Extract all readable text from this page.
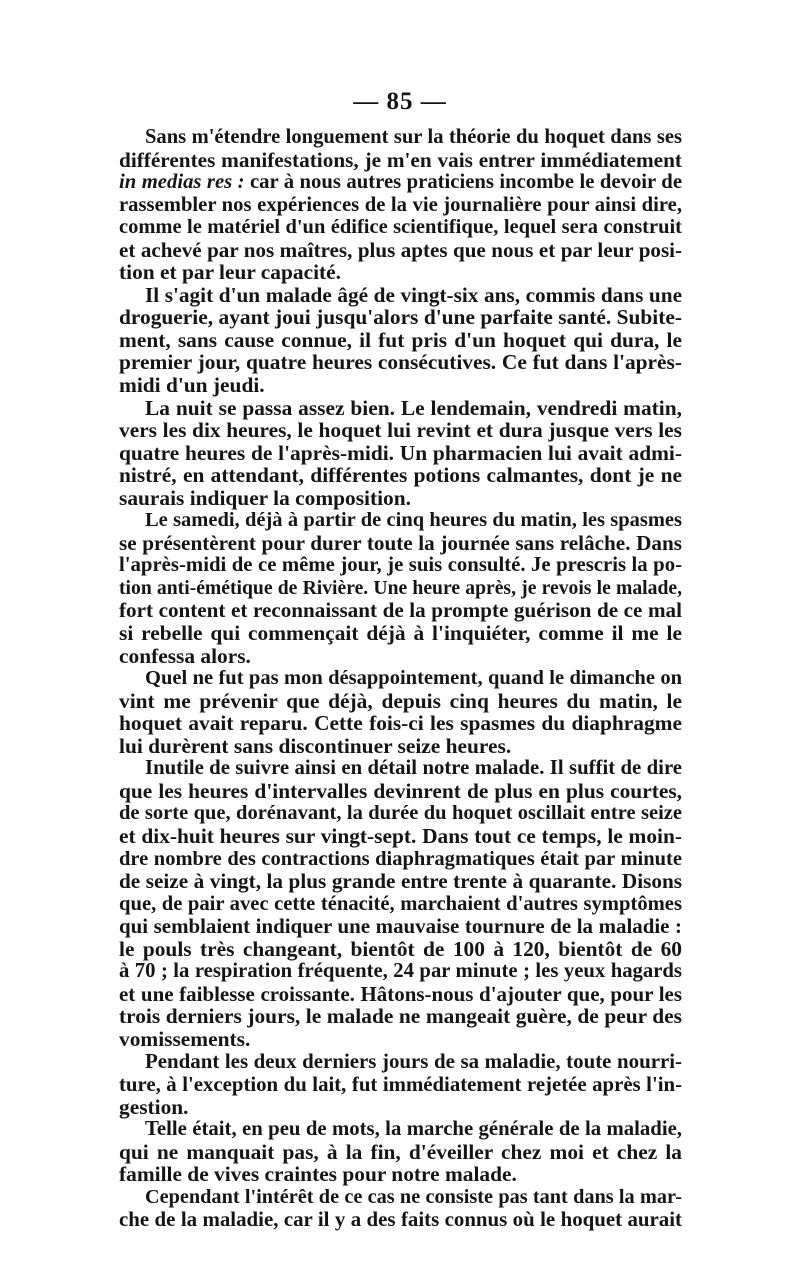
— 85 —
Sans m'étendre longuement sur la théorie du hoquet dans ses
différentes manifestations, je m'en vais entrer immédiatement
in medias res : car à nous autres praticiens incombe le devoir de
rassembler nos expériences de la vie journalière pour ainsi dire,
comme le matériel d'un édifice scientifique, lequel sera construit
et achevé par nos maîtres, plus aptes que nous et par leur posi-
tion et par leur capacité.
Il s'agit d'un malade âgé de vingt-six ans, commis dans une
droguerie, ayant joui jusqu'alors d'une parfaite santé. Subite-
ment, sans cause connue, il fut pris d'un hoquet qui dura, le
premier jour, quatre heures consécutives. Ce fut dans l'après-
midi d'un jeudi.
La nuit se passa assez bien. Le lendemain, vendredi matin,
vers les dix heures, le hoquet lui revint et dura jusque vers les
quatre heures de l'après-midi. Un pharmacien lui avait admi-
nistré, en attendant, différentes potions calmantes, dont je ne
saurais indiquer la composition.
Le samedi, déjà à partir de cinq heures du matin, les spasmes
se présentèrent pour durer toute la journée sans relâche. Dans
l'après-midi de ce même jour, je suis consulté. Je prescris la po-
tion anti-émétique de Rivière. Une heure après, je revois le malade,
fort content et reconnaissant de la prompte guérison de ce mal
si rebelle qui commençait déjà à l'inquiéter, comme il me le
confessa alors.
Quel ne fut pas mon désappointement, quand le dimanche on
vint me prévenir que déjà, depuis cinq heures du matin, le
hoquet avait reparu. Cette fois-ci les spasmes du diaphragme
lui durèrent sans discontinuer seize heures.
Inutile de suivre ainsi en détail notre malade. Il suffit de dire
que les heures d'intervalles devinrent de plus en plus courtes,
de sorte que, dorénavant, la durée du hoquet oscillait entre seize
et dix-huit heures sur vingt-sept. Dans tout ce temps, le moin-
dre nombre des contractions diaphragmatiques était par minute
de seize à vingt, la plus grande entre trente à quarante. Disons
que, de pair avec cette ténacité, marchaient d'autres symptômes
qui semblaient indiquer une mauvaise tournure de la maladie :
le pouls très changeant, bientôt de 100 à 120, bientôt de 60
à 70 ; la respiration fréquente, 24 par minute ; les yeux hagards
et une faiblesse croissante. Hâtons-nous d'ajouter que, pour les
trois derniers jours, le malade ne mangeait guère, de peur des
vomissements.
Pendant les deux derniers jours de sa maladie, toute nourri-
ture, à l'exception du lait, fut immédiatement rejetée après l'in-
gestion.
Telle était, en peu de mots, la marche générale de la maladie,
qui ne manquait pas, à la fin, d'éveiller chez moi et chez la
famille de vives craintes pour notre malade.
Cependant l'intérêt de ce cas ne consiste pas tant dans la mar-
che de la maladie, car il y a des faits connus où le hoquet aurait
